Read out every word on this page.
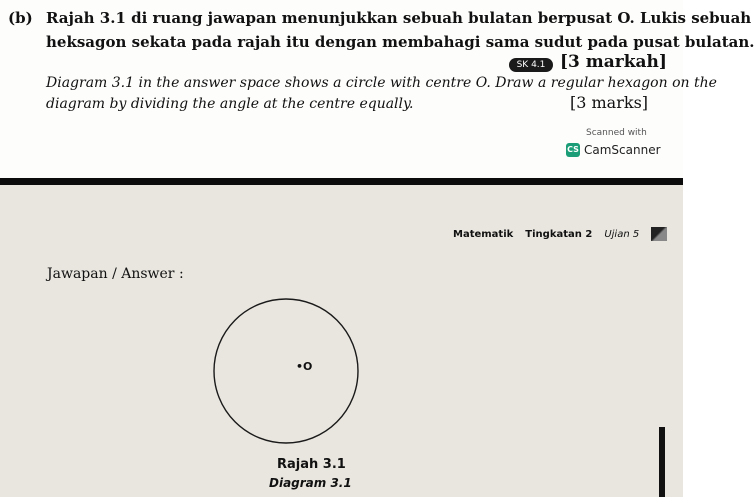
(b) Rajah 3.1 di ruang jawapan menunjukkan sebuah bulatan berpusat O. Lukis sebuah
heksagon sekata pada rajah itu dengan membahagi sama sudut pada pusat bulatan.
SK 4.1 [3 markah]
Diagram 3.1 in the answer space shows a circle with centre O. Draw a regular hexagon on the
diagram by dividing the angle at the centre equally.	[3 marks]
Scanned with
CS CamScanner
Matematik Tingkatan 2 Ujian 5
Jawapan / Answer :
•O
Rajah 3.1
Diagram 3.1
